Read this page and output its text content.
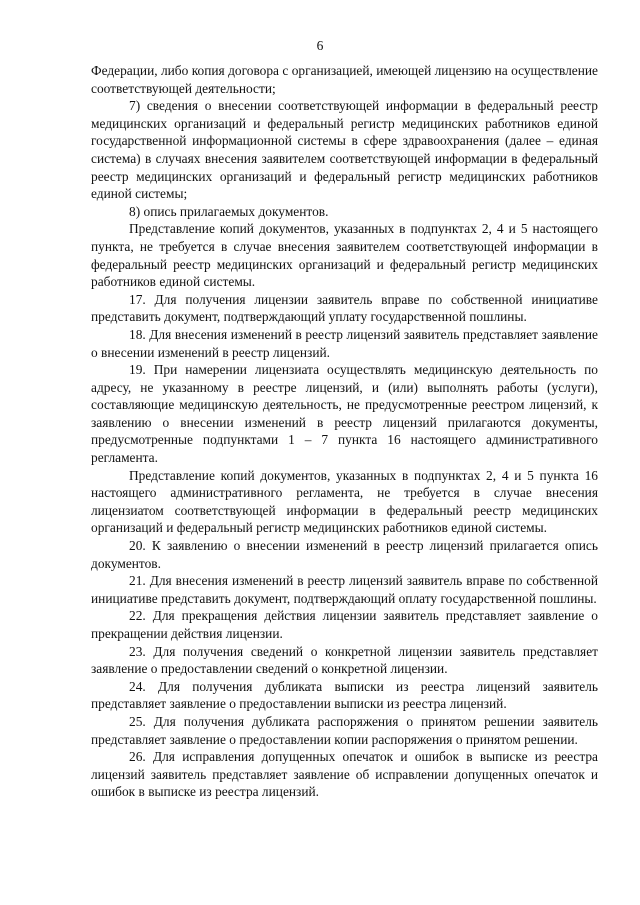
6

Федерации, либо копия договора с организацией, имеющей лицензию на осуществление соответствующей деятельности;

7) сведения о внесении соответствующей информации в федеральный реестр медицинских организаций и федеральный регистр медицинских работников единой государственной информационной системы в сфере здравоохранения (далее – единая система) в случаях внесения заявителем соответствующей информации в федеральный реестр медицинских организаций и федеральный регистр медицинских работников единой системы;

8) опись прилагаемых документов.

Представление копий документов, указанных в подпунктах 2, 4 и 5 настоящего пункта, не требуется в случае внесения заявителем соответствующей информации в федеральный реестр медицинских организаций и федеральный регистр медицинских работников единой системы.

17. Для получения лицензии заявитель вправе по собственной инициативе представить документ, подтверждающий уплату государственной пошлины.

18. Для внесения изменений в реестр лицензий заявитель представляет заявление о внесении изменений в реестр лицензий.

19. При намерении лицензиата осуществлять медицинскую деятельность по адресу, не указанному в реестре лицензий, и (или) выполнять работы (услуги), составляющие медицинскую деятельность, не предусмотренные реестром лицензий, к заявлению о внесении изменений в реестр лицензий прилагаются документы, предусмотренные подпунктами 1 – 7 пункта 16 настоящего административного регламента.

Представление копий документов, указанных в подпунктах 2, 4 и 5 пункта 16 настоящего административного регламента, не требуется в случае внесения лицензиатом соответствующей информации в федеральный реестр медицинских организаций и федеральный регистр медицинских работников единой системы.

20. К заявлению о внесении изменений в реестр лицензий прилагается опись документов.

21. Для внесения изменений в реестр лицензий заявитель вправе по собственной инициативе представить документ, подтверждающий оплату государственной пошлины.

22. Для прекращения действия лицензии заявитель представляет заявление о прекращении действия лицензии.

23. Для получения сведений о конкретной лицензии заявитель представляет заявление о предоставлении сведений о конкретной лицензии.

24. Для получения дубликата выписки из реестра лицензий заявитель представляет заявление о предоставлении выписки из реестра лицензий.

25. Для получения дубликата распоряжения о принятом решении заявитель представляет заявление о предоставлении копии распоряжения о принятом решении.

26. Для исправления допущенных опечаток и ошибок в выписке из реестра лицензий заявитель представляет заявление об исправлении допущенных опечаток и ошибок в выписке из реестра лицензий.
